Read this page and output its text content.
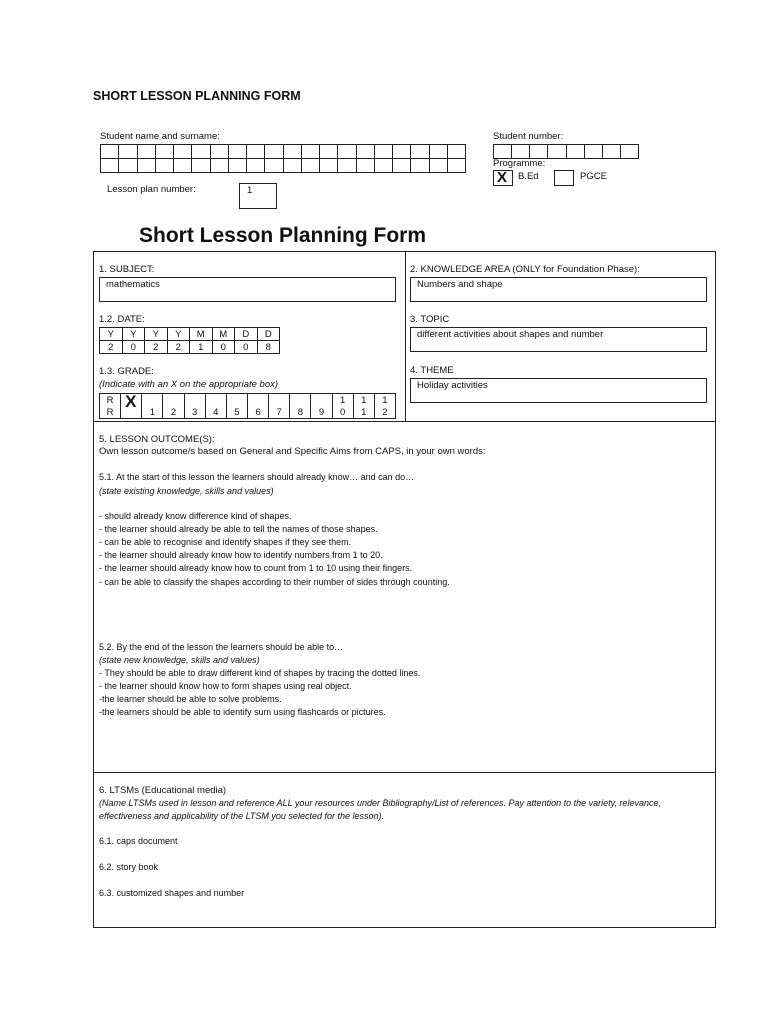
SHORT LESSON PLANNING FORM
Student name and surname:

																				Student number:

Programme:
X B.Ed	PGCE
Lesson plan number:	1
Short Lesson Planning Form
1. SUBJECT:
mathematics
2. KNOWLEDGE AREA (ONLY for Foundation Phase):
Numbers and shape
1.2. DATE:
Y	Y	Y	Y	M	M	D	D
2	0	2	2	1	0	0	8
3. TOPIC
different activities about shapes and number
1.3. GRADE:
(Indicate with an X on the appropriate box)
R											1	1	1
R	X	1	2	3	4	5	6	7	8	9	0	1	2
4. THEME
Holiday activities
5. LESSON OUTCOME(S):
Own lesson outcome/s based on General and Specific Aims from CAPS, in your own words:
5.1. At the start of this lesson the learners should already know… and can do…
(state existing knowledge, skills and values)
- should already know difference kind of shapes.
- the learner should already be able to tell the names of those shapes.
- can be able to recognise and identify shapes if they see them.
- the learner should already know how to identify numbers from 1 to 20.
- the learner should already know how to count from 1 to 10 using their fingers.
- can be able to classify the shapes according to their number of sides through counting.
5.2. By the end of the lesson the learners should be able to…
(state new knowledge, skills and values)
- They should be able to draw different kind of shapes by tracing the dotted lines.
- the learner should know how to form shapes using real object.
-the learner should be able to solve problems.
-the learners should be able to identify sum using flashcards or pictures.
6. LTSMs (Educational media)
(Name LTSMs used in lesson and reference ALL your resources under Bibliography/List of references. Pay attention to the variety, relevance, effectiveness and applicability of the LTSM you selected for the lesson).
6.1. caps document
6.2. story book
6.3. customized shapes and number
